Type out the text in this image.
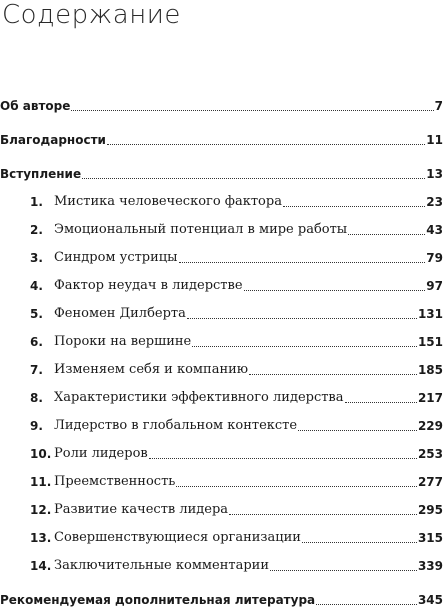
Содержание
Об авторе	7
Благодарности	11
Вступление	13
1. Мистика человеческого фактора	23
2. Эмоциональный потенциал в мире работы	43
3. Синдром устрицы	79
4. Фактор неудач в лидерстве	97
5. Феномен Дилберта	131
6. Пороки на вершине	151
7. Изменяем себя и компанию	185
8. Характеристики эффективного лидерства	217
9. Лидерство в глобальном контексте	229
10. Роли лидеров	253
11. Преемственность	277
12. Развитие качеств лидера	295
13. Совершенствующиеся организации	315
14. Заключительные комментарии	339
Рекомендуемая дополнительная литература	345
